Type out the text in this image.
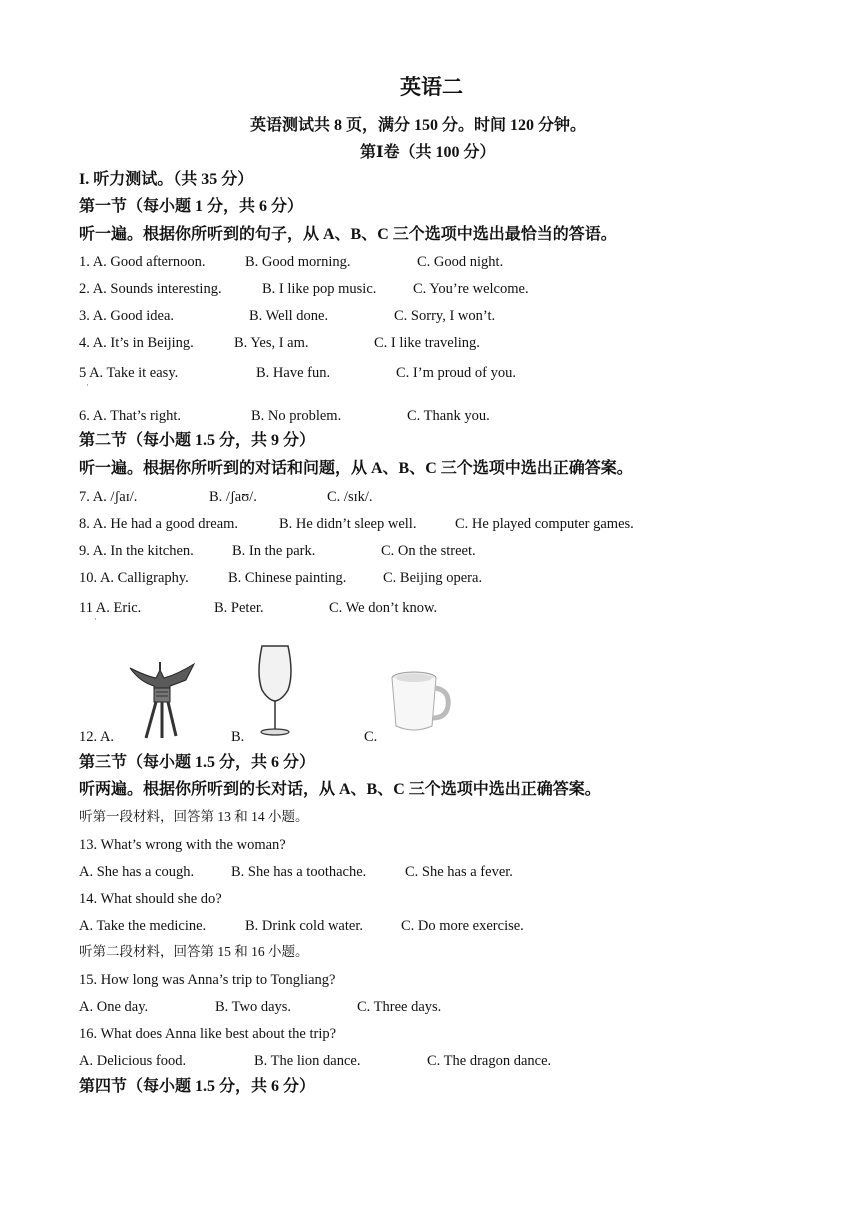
英语二
英语测试共 8 页，满分 150 分。时间 120 分钟。
第Ⅰ卷（共 100 分）
I. 听力测试。（共 35 分）
第一节（每小题 1 分，共 6 分）
听一遍。根据你所听到的句子，从 A、B、C 三个选项中选出最恰当的答语。
1. A. Good afternoon.	B. Good morning.	C. Good night.
2. A. Sounds interesting.	B. I like pop music.	C. You’re welcome.
3. A. Good idea.	B. Well done.	C. Sorry, I won’t.
4. A. It’s in Beijing.	B. Yes, I am.	C. I like traveling.
5 A. Take it easy.	B. Have fun.	C. I’m proud of you.
·
6. A. That’s right.	B. No problem.	C. Thank you.
第二节（每小题 1.5 分，共 9 分）
听一遍。根据你所听到的对话和问题，从 A、B、C 三个选项中选出正确答案。
7. A. /ʃaɪ/.	B. /ʃaʊ/.	C. /sɪk/.
8. A. He had a good dream.	B. He didn’t sleep well.	C. He played computer games.
9. A. In the kitchen.	B. In the park.	C. On the street.
10. A. Calligraphy.	B. Chinese painting.	C. Beijing opera.
11 A. Eric.	B. Peter.	C. We don’t know.
·
12. A.	B.	C.
第三节（每小题 1.5 分，共 6 分）
听两遍。根据你所听到的长对话，从 A、B、C 三个选项中选出正确答案。
听第一段材料，回答第 13 和 14 小题。
13. What’s wrong with the woman?
A. She has a cough.	B. She has a toothache.	C. She has a fever.
14. What should she do?
A. Take the medicine.	B. Drink cold water.	C. Do more exercise.
听第二段材料，回答第 15 和 16 小题。
15. How long was Anna’s trip to Tongliang?
A. One day.	B. Two days.	C. Three days.
16. What does Anna like best about the trip?
A. Delicious food.	B. The lion dance.	C. The dragon dance.
第四节（每小题 1.5 分，共 6 分）
